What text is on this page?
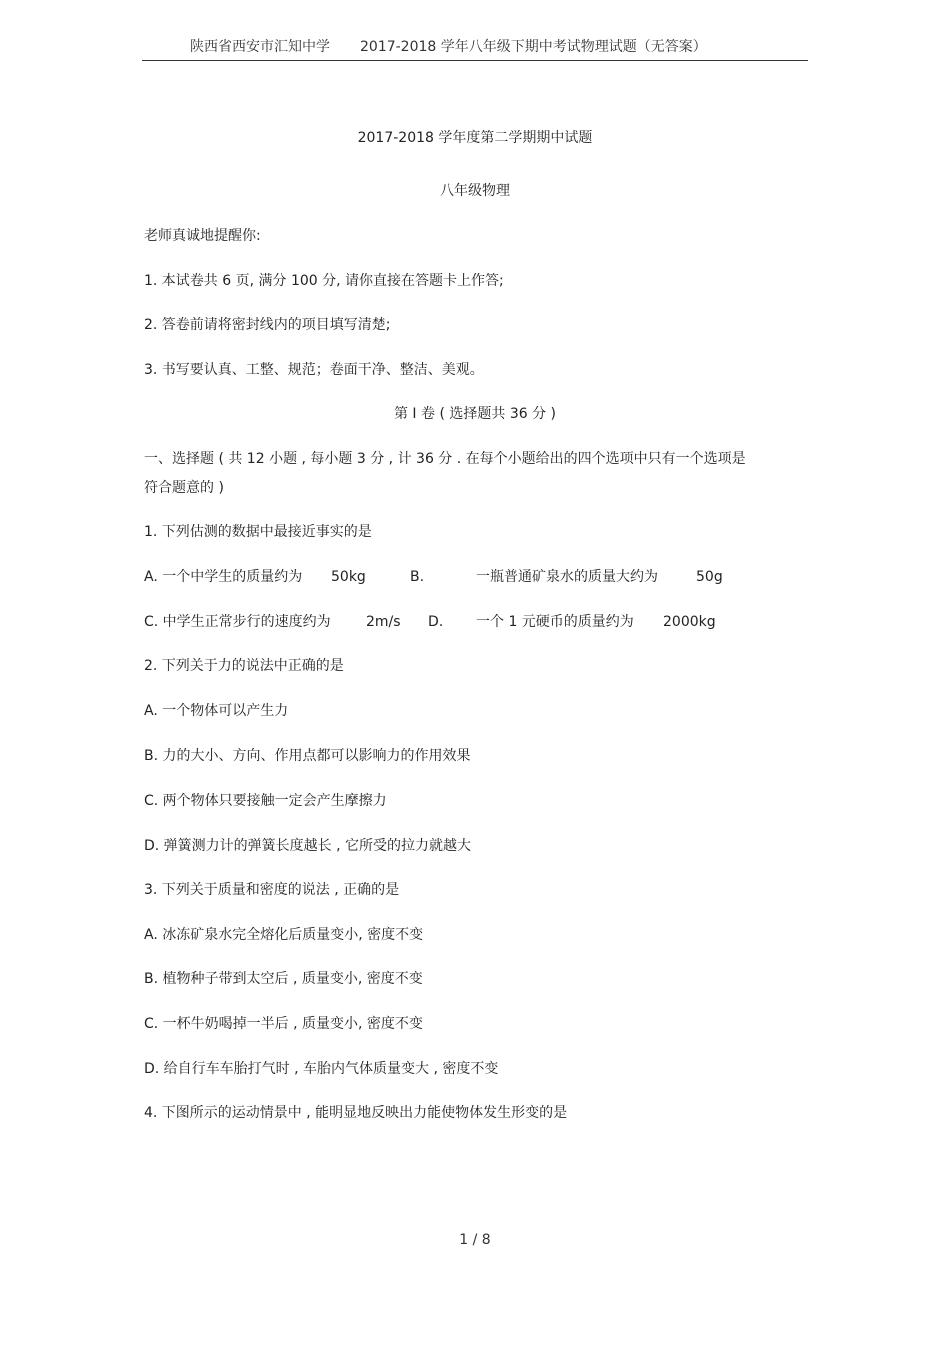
陕西省西安市汇知中学 2017-2018 学年八年级下期中考试物理试题（无答案）
2017-2018 学年度第二学期期中试题
八年级物理
老师真诚地提醒你:
1. 本试卷共 6 页, 满分 100 分, 请你直接在答题卡上作答;
2. 答卷前请将密封线内的项目填写清楚;
3. 书写要认真、工整、规范；卷面干净、整洁、美观。
第 I 卷 ( 选择题共 36 分 )
一、选择题 ( 共 12 小题 , 每小题 3 分 , 计 36 分 . 在每个小题给出的四个选项中只有一个选项是
符合题意的 )
1. 下列估测的数据中最接近事实的是
A. 一个中学生的质量约为 50kg	B.	一瓶普通矿泉水的质量大约为	50g
C. 中学生正常步行的速度约为	2m/s D. 一个 1 元硬币的质量约为 2000kg
2. 下列关于力的说法中正确的是
A. 一个物体可以产生力
B. 力的大小、方向、作用点都可以影响力的作用效果
C. 两个物体只要接触一定会产生摩擦力
D. 弹簧测力计的弹簧长度越长 , 它所受的拉力就越大
3. 下列关于质量和密度的说法 , 正确的是
A. 冰冻矿泉水完全熔化后质量变小, 密度不变
B. 植物种子带到太空后 , 质量变小, 密度不变
C. 一杯牛奶喝掉一半后 , 质量变小, 密度不变
D. 给自行车车胎打气时 , 车胎内气体质量变大 , 密度不变
4. 下图所示的运动情景中 , 能明显地反映出力能使物体发生形变的是
1 / 8
